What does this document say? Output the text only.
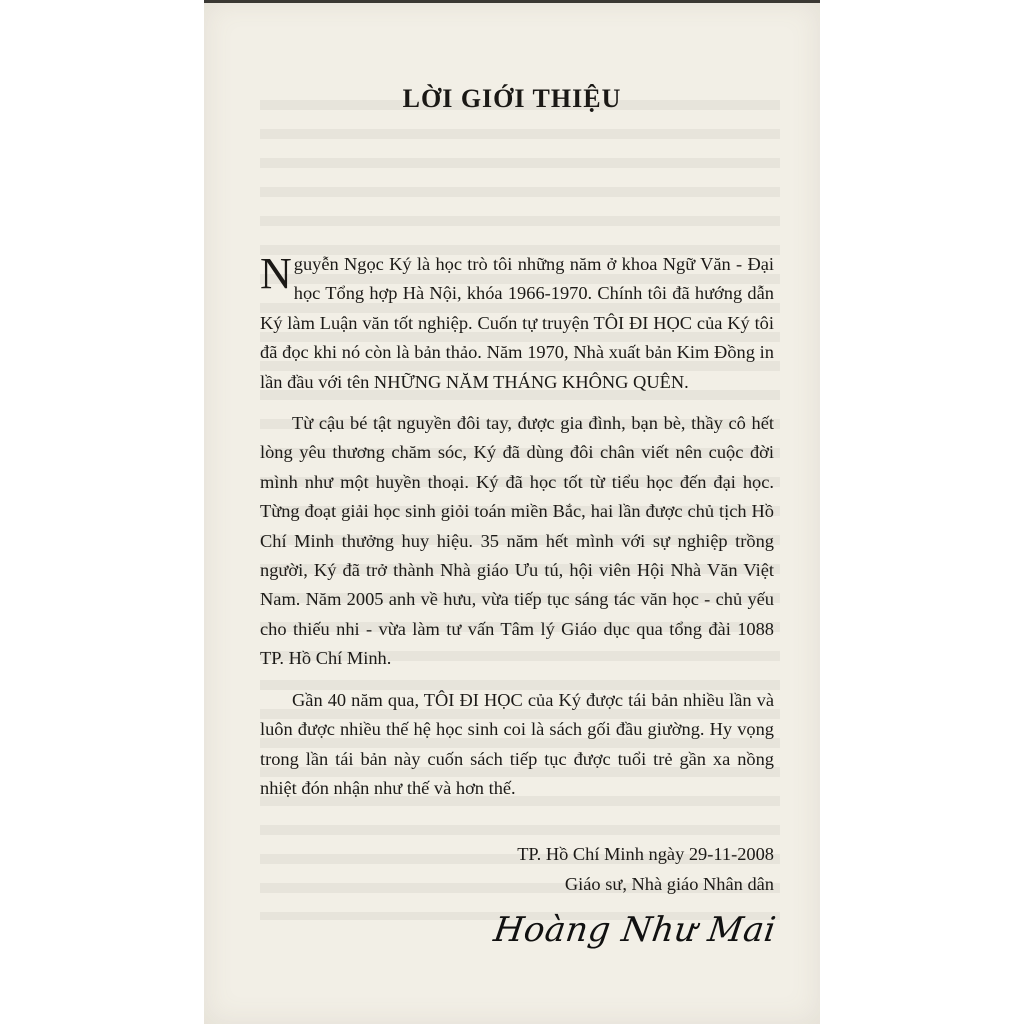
LỜI GIỚI THIỆU

Nguyễn Ngọc Ký là học trò tôi những năm ở khoa Ngữ Văn - Đại học Tổng hợp Hà Nội, khóa 1966-1970. Chính tôi đã hướng dẫn Ký làm Luận văn tốt nghiệp. Cuốn tự truyện TÔI ĐI HỌC của Ký tôi đã đọc khi nó còn là bản thảo. Năm 1970, Nhà xuất bản Kim Đồng in lần đầu với tên NHỮNG NĂM THÁNG KHÔNG QUÊN.

Từ cậu bé tật nguyền đôi tay, được gia đình, bạn bè, thầy cô hết lòng yêu thương chăm sóc, Ký đã dùng đôi chân viết nên cuộc đời mình như một huyền thoại. Ký đã học tốt từ tiểu học đến đại học. Từng đoạt giải học sinh giỏi toán miền Bắc, hai lần được chủ tịch Hồ Chí Minh thưởng huy hiệu. 35 năm hết mình với sự nghiệp trồng người, Ký đã trở thành Nhà giáo Ưu tú, hội viên Hội Nhà Văn Việt Nam. Năm 2005 anh về hưu, vừa tiếp tục sáng tác văn học - chủ yếu cho thiếu nhi - vừa làm tư vấn Tâm lý Giáo dục qua tổng đài 1088 TP. Hồ Chí Minh.

Gần 40 năm qua, TÔI ĐI HỌC của Ký được tái bản nhiều lần và luôn được nhiều thế hệ học sinh coi là sách gối đầu giường. Hy vọng trong lần tái bản này cuốn sách tiếp tục được tuổi trẻ gần xa nồng nhiệt đón nhận như thế và hơn thế.

TP. Hồ Chí Minh ngày 29-11-2008
Giáo sư, Nhà giáo Nhân dân
Hoàng Như Mai
